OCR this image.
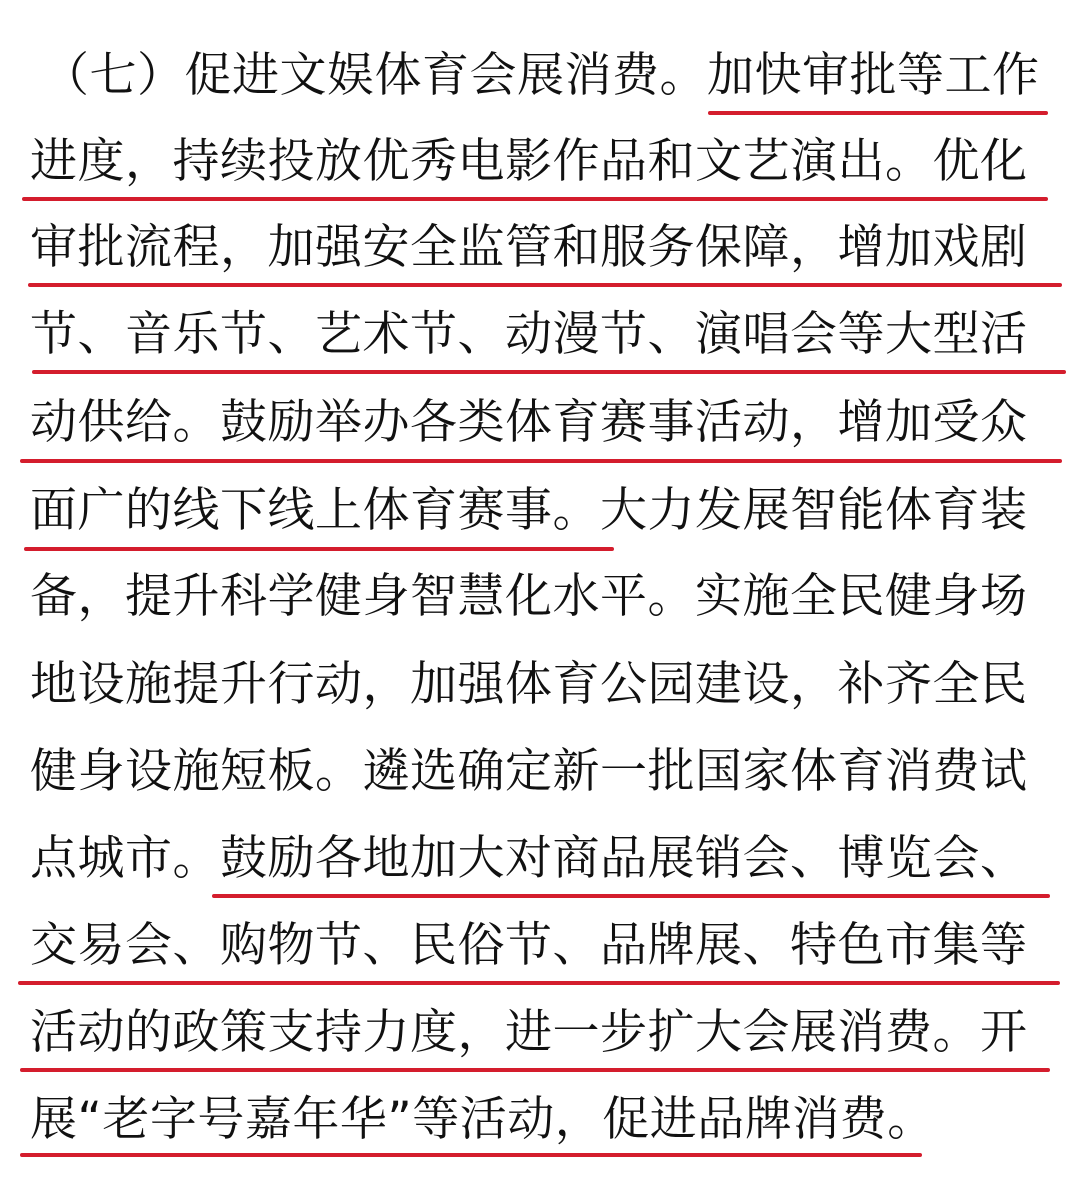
（七）促进文娱体育会展消费。加快审批等工作

进度，持续投放优秀电影作品和文艺演出。优化

审批流程，加强安全监管和服务保障，增加戏剧

节、音乐节、艺术节、动漫节、演唱会等大型活

动供给。鼓励举办各类体育赛事活动，增加受众

面广的线下线上体育赛事。大力发展智能体育装

备，提升科学健身智慧化水平。实施全民健身场

地设施提升行动，加强体育公园建设，补齐全民

健身设施短板。遴选确定新一批国家体育消费试

点城市。鼓励各地加大对商品展销会、博览会、

交易会、购物节、民俗节、品牌展、特色市集等

活动的政策支持力度，进一步扩大会展消费。开

展“老字号嘉年华”等活动，促进品牌消费。
